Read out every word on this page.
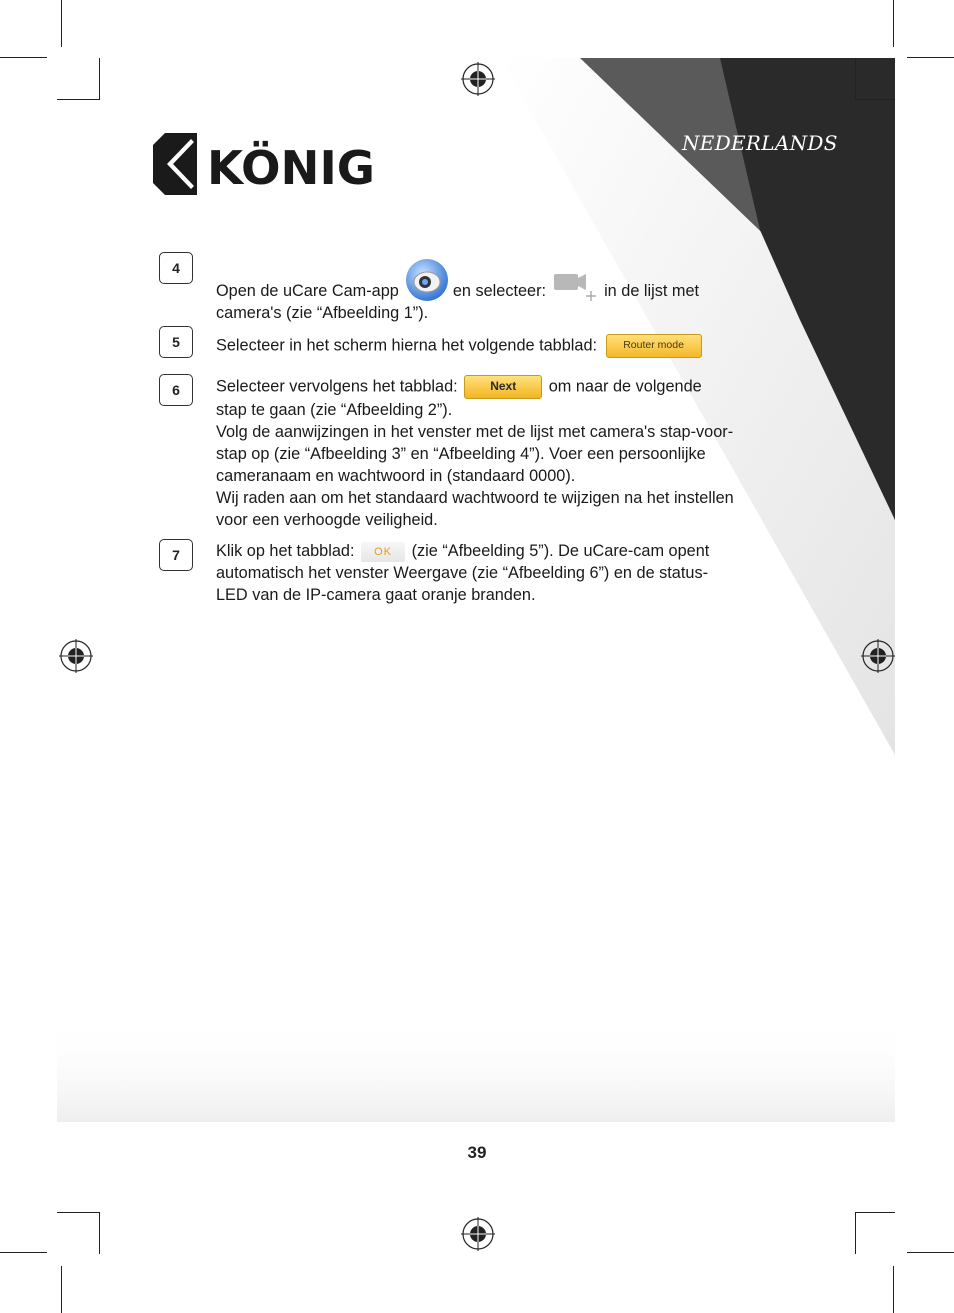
KÖNIG	NEDERLANDS
4

Open de uCare Cam-app	en selecteer:	in de lijst met camera's (zie “Afbeelding 1”).

5	Selecteer in het scherm hierna het volgende tabblad: Router mode

6	Selecteer vervolgens het tabblad:	Next om naar de volgende stap te gaan (zie “Afbeelding 2”).

Volg de aanwijzingen in het venster met de lijst met camera's stap-voor-stap op (zie “Afbeelding 3” en “Afbeelding 4”). Voer een persoonlijke cameranaam en wachtwoord in (standaard 0000).

Wij raden aan om het standaard wachtwoord te wijzigen na het instellen voor een verhoogde veiligheid.

7	Klik op het tabblad: OK (zie “Afbeelding 5”). De uCare-cam opent automatisch het venster Weergave (zie “Afbeelding 6”) en de status-LED van de IP-camera gaat oranje branden.

39
